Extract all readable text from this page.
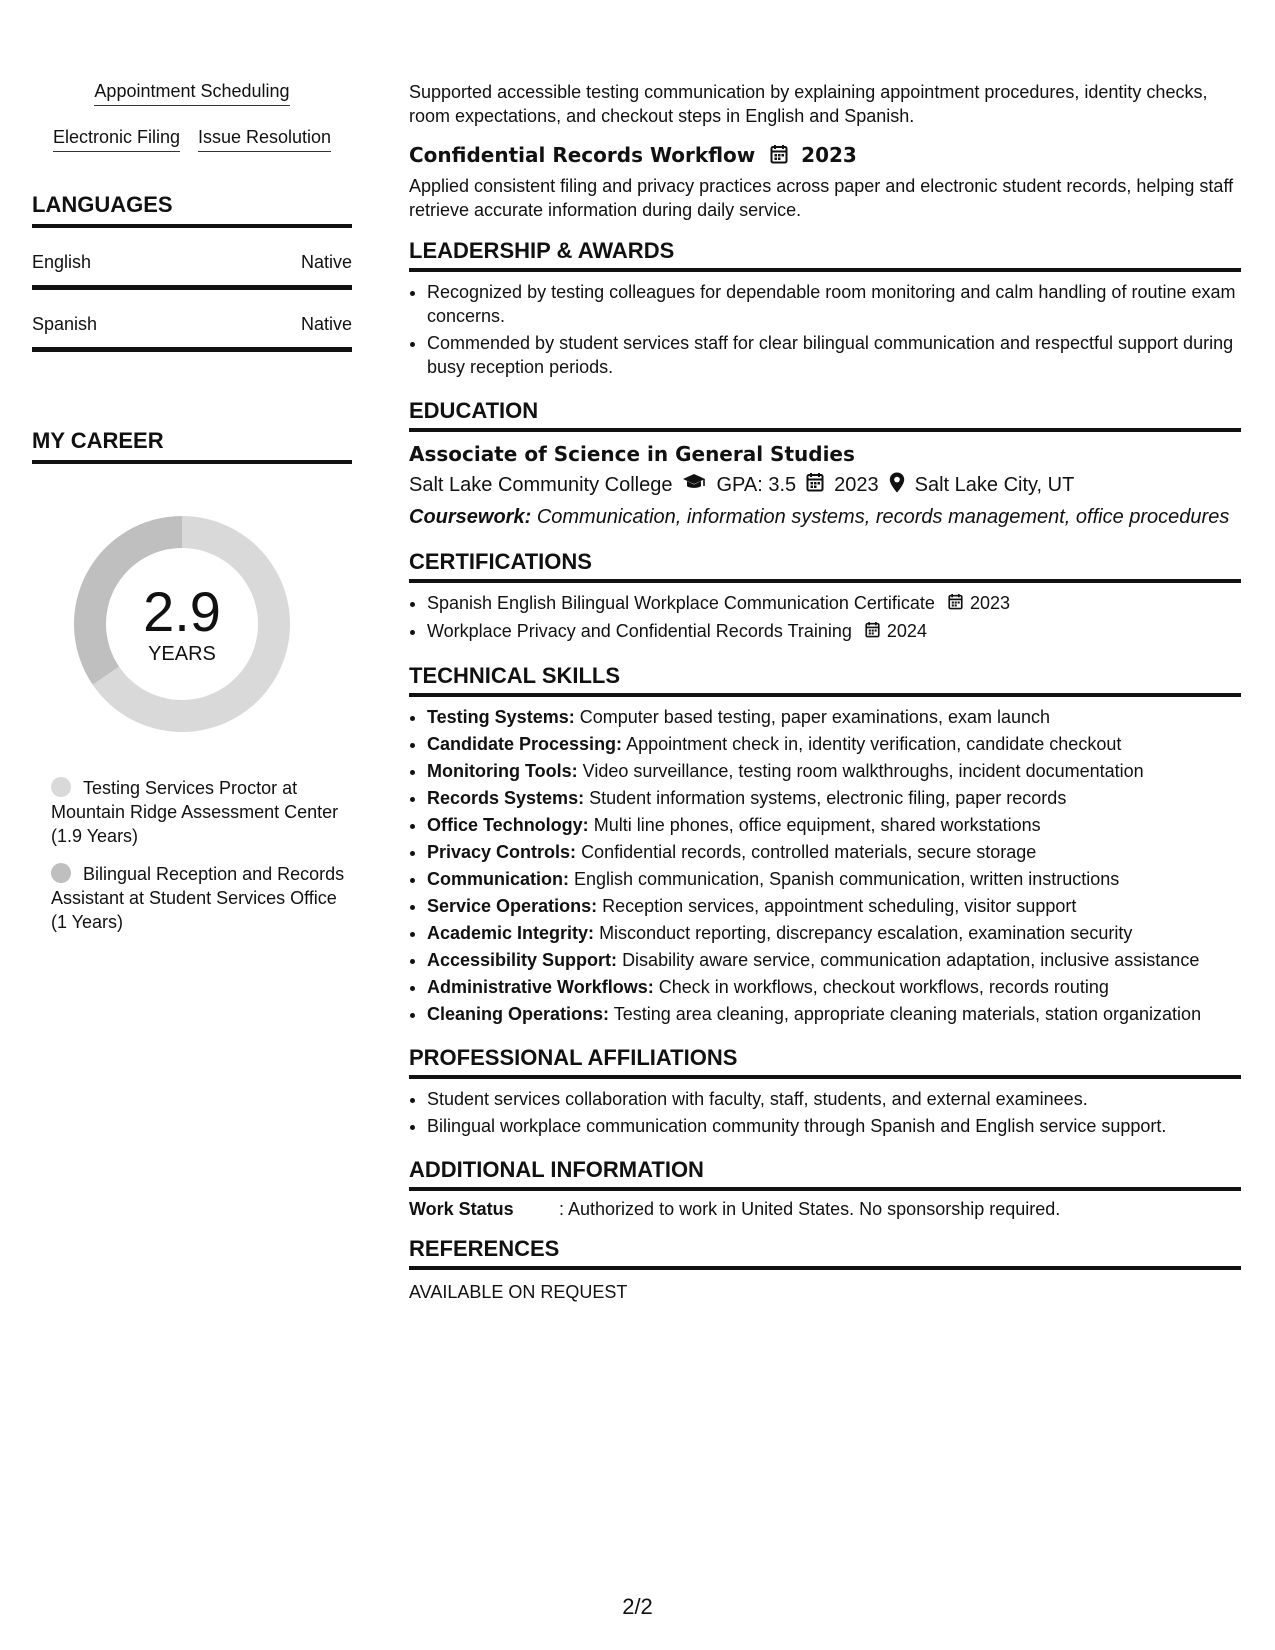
Appointment Scheduling
Electronic Filing Issue Resolution
LANGUAGES
English	Native
Spanish	Native
MY CAREER
2.9
YEARS
Testing Services Proctor at Mountain Ridge Assessment Center (1.9 Years)
Bilingual Reception and Records Assistant at Student Services Office (1 Years)

Supported accessible testing communication by explaining appointment procedures, identity checks, room expectations, and checkout steps in English and Spanish.

Confidential Records Workflow 2023

Applied consistent filing and privacy practices across paper and electronic student records, helping staff retrieve accurate information during daily service.

LEADERSHIP & AWARDS
• Recognized by testing colleagues for dependable room monitoring and calm handling of routine exam concerns.
• Commended by student services staff for clear bilingual communication and respectful support during busy reception periods.
EDUCATION
Associate of Science in General Studies
Salt Lake Community College GPA: 3.5 2023 Salt Lake City, UT
Coursework: Communication, information systems, records management, office procedures
CERTIFICATIONS
• Spanish English Bilingual Workplace Communication Certificate 2023
• Workplace Privacy and Confidential Records Training 2024
TECHNICAL SKILLS
• Testing Systems: Computer based testing, paper examinations, exam launch
• Candidate Processing: Appointment check in, identity verification, candidate checkout
• Monitoring Tools: Video surveillance, testing room walkthroughs, incident documentation
• Records Systems: Student information systems, electronic filing, paper records
• Office Technology: Multi line phones, office equipment, shared workstations
• Privacy Controls: Confidential records, controlled materials, secure storage
• Communication: English communication, Spanish communication, written instructions
• Service Operations: Reception services, appointment scheduling, visitor support
• Academic Integrity: Misconduct reporting, discrepancy escalation, examination security
• Accessibility Support: Disability aware service, communication adaptation, inclusive assistance
• Administrative Workflows: Check in workflows, checkout workflows, records routing
• Cleaning Operations: Testing area cleaning, appropriate cleaning materials, station organization
PROFESSIONAL AFFILIATIONS
• Student services collaboration with faculty, staff, students, and external examinees.
• Bilingual workplace communication community through Spanish and English service support.
ADDITIONAL INFORMATION
Work Status	: Authorized to work in United States. No sponsorship required.
REFERENCES

AVAILABLE ON REQUEST

2/2
